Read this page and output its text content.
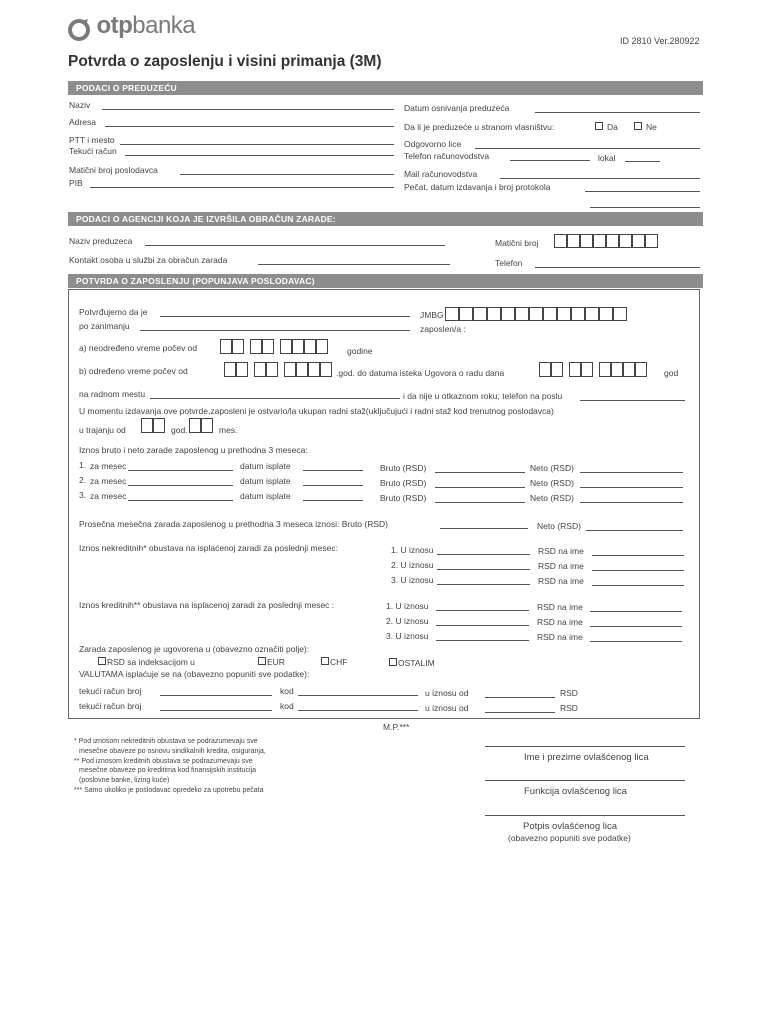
otpbanka
ID 2810 Ver.280922
Potvrda o zaposlenju i visini primanja (3M)
PODACI O PREDUZEĆU
Naziv
Adresa
PTT i mesto
Tekući račun
Matični broj poslodavca
PIB
Datum osnivanja preduzeća
Da li je preduzeće u stranom vlasništvu:	Da	Ne
Odgovorno lice
Telefon računovodstva	lokal
Mail računovodstva
Pečat, datum izdavanja i broj protokola
PODACI O AGENCIJI KOJA JE IZVRŠILA OBRAČUN ZARADE:
Naziv preduzeca	Matični broj
Kontakt osoba u službi za obračun zarada	Telefon
POTVRDA O ZAPOSLENJU (POPUNJAVA POSLODAVAC)
Potvrđujemo da je	JMBG
po zanimanju	zaposlen/a :
a) neodređeno vreme počev od	godine
b) određeno vreme počev od	.god. do datuma isteka Ugovora o radu dana	god
na radnom mestu	i da nije u otkaznom roku; telefon na poslu
U momentu izdavanja ove potvrde,zaposleni je ostvario/la ukupan radni staž(uključujući i radni staž kod trenutnog poslodavca)
u trajanju od	god.	mes.
Iznos bruto i neto zarade zaposlenog u prethodna 3 meseca:
1. za mesec	datum isplate	Bruto (RSD)	Neto (RSD)
2. za mesec	datum isplate	Bruto (RSD)	Neto (RSD)
3. za mesec	datum isplate	Bruto (RSD)	Neto (RSD)
Prosečna mesečna zarada zaposlenog u prethodna 3 meseca iznosi: Bruto (RSD)	Neto (RSD)
Iznos nekreditnih* obustava na isplaćenoj zaradi za poslednji mesec:	1. U iznosu	RSD na ime
2. U iznosu	RSD na ime
3. U iznosu	RSD na ime
Iznos kreditnih** obustava na isplacenoj zaradi za poslednji mesec :	1. U iznosu	RSD na ime
2. U iznosu	RSD na ime
3. U iznosu	RSD na ime
Zarada zaposlenog je ugovorena u (obavezno označiti polje):
RSD sa indeksacijom u	EUR	CHF	OSTALIM
VALUTAMA isplaćuje se na (obavezno popuniti sve podatke):
tekući račun broj	kod	u iznosu od	RSD
tekući račun broj	kod	u iznosu od	RSD
M.P.***
* Pod iznosom nekreditnih obustava se podrazumevaju sve
mesečne obaveze po osnovu sindikalnih kredita, osiguranja,
** Pod iznosom kreditnih obustava se podrazumevaju sve
mesečne obaveze po kreditima kod finansijskih institucija
(poslovne banke, lizing kuće)
*** Samo ukoliko je poslodavac opredelio za upotrebu pečata
Ime i prezime ovlašćenog lica
Funkcija ovlašćenog lica
Potpis ovlašćenog lica
(obavezno popuniti sve podatke)
